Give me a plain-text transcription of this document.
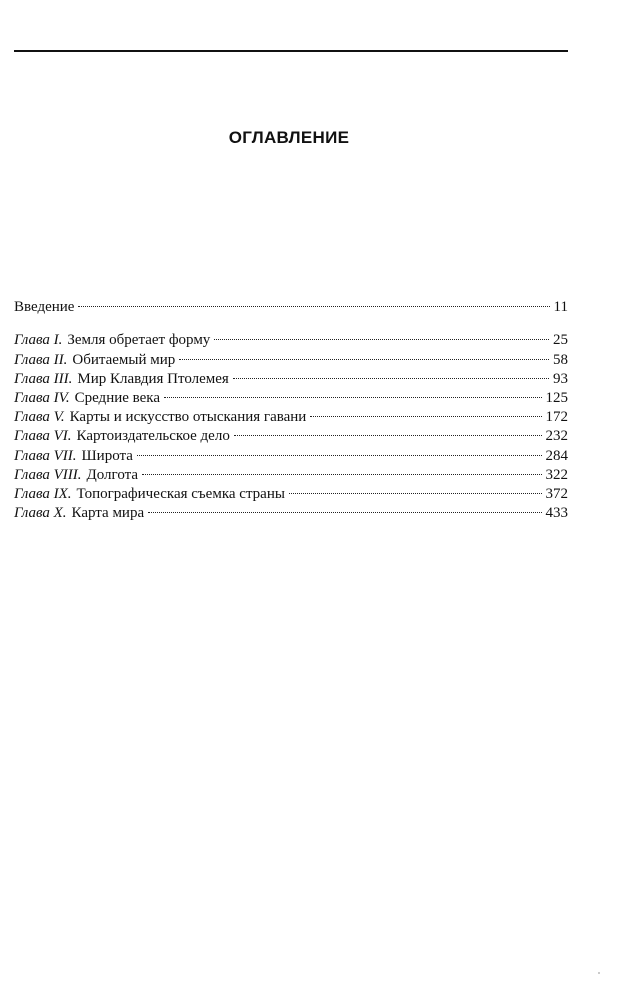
ОГЛАВЛЕНИЕ
Введение	11
Глава I. Земля обретает форму	25
Глава II. Обитаемый мир	58
Глава III. Мир Клавдия Птолемея	93
Глава IV. Средние века	125
Глава V. Карты и искусство отыскания гавани	172
Глава VI. Картоиздательское дело	232
Глава VII. Широта	284
Глава VIII. Долгота	322
Глава IX. Топографическая съемка страны	372
Глава X. Карта мира	433
